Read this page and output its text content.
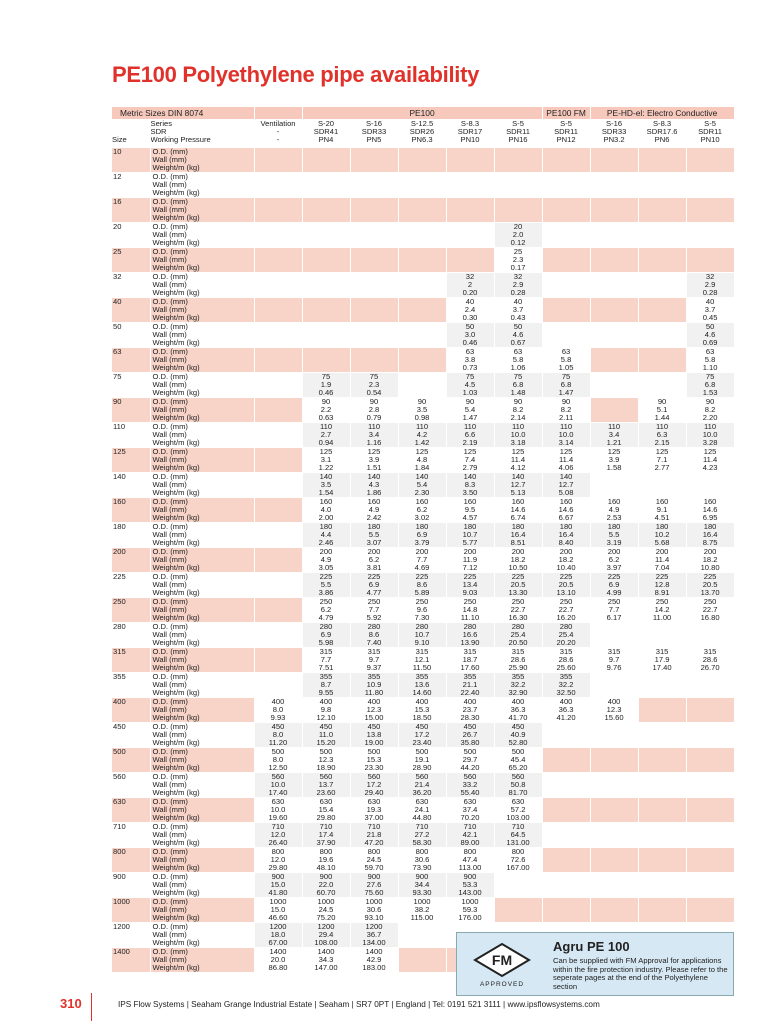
PE100 Polyethylene pipe availability
Metric Sizes DIN 8074			PE100					PE100 FM	PE-HD-el: Electro Conductive		

Size	Series
SDR
Working Pressure	Ventilation
-
-	S-20
SDR41
PN4	S-16
SDR33
PN5	S-12.5
SDR26
PN6.3	S-8.3
SDR17
PN10	S-5
SDR11
PN16	S-5
SDR11
PN12	S-16
SDR33
PN3.2	S-8.3
SDR17.6
PN6	S-5
SDR11
PN10

10	O.D. (mm)
Wall (mm)
Weight/m (kg)										

12	O.D. (mm)
Wall (mm)
Weight/m (kg)										

16	O.D. (mm)
Wall (mm)
Weight/m (kg)										

20	O.D. (mm)
Wall (mm)
Weight/m (kg)						20
2.0
0.12				
25	O.D. (mm)
Wall (mm)
Weight/m (kg)						25
2.3
0.17				
32	O.D. (mm)
Wall (mm)
Weight/m (kg)					32
2
0.20	32
2.9
0.28				32
2.9
0.28
40	O.D. (mm)
Wall (mm)
Weight/m (kg)					40
2.4
0.30	40
3.7
0.43				40
3.7
0.45
50	O.D. (mm)
Wall (mm)
Weight/m (kg)					50
3.0
0.46	50
4.6
0.67				50
4.6
0.69
63	O.D. (mm)
Wall (mm)
Weight/m (kg)					63
3.8
0.73	63
5.8
1.06	63
5.8
1.05			63
5.8
1.10
75	O.D. (mm)
Wall (mm)
Weight/m (kg)		75
1.9
0.46	75
2.3
0.54		75
4.5
1.03	75
6.8
1.48	75
6.8
1.47			75
6.8
1.53
90	O.D. (mm)
Wall (mm)
Weight/m (kg)		90
2.2
0.63	90
2.8
0.79	90
3.5
0.98	90
5.4
1.47	90
8.2
2.14	90
8.2
2.11		90
5.1
1.44	90
8.2
2.20
110	O.D. (mm)
Wall (mm)
Weight/m (kg)		110
2.7
0.94	110
3.4
1.16	110
4.2
1.42	110
6.6
2.19	110
10.0
3.18	110
10.0
3.14	110
3.4
1.21	110
6.3
2.15	110
10.0
3.28
125	O.D. (mm)
Wall (mm)
Weight/m (kg)		125
3.1
1.22	125
3.9
1.51	125
4.8
1.84	125
7.4
2.79	125
11.4
4.12	125
11.4
4.06	125
3.9
1.58	125
7.1
2.77	125
11.4
4.23
140	O.D. (mm)
Wall (mm)
Weight/m (kg)		140
3.5
1.54	140
4.3
1.86	140
5.4
2.30	140
8.3
3.50	140
12.7
5.13	140
12.7
5.08			
160	O.D. (mm)
Wall (mm)
Weight/m (kg)		160
4.0
2.00	160
4.9
2.42	160
6.2
3.02	160
9.5
4.57	160
14.6
6.74	160
14.6
6.67	160
4.9
2.53	160
9.1
4.51	160
14.6
6.95
180	O.D. (mm)
Wall (mm)
Weight/m (kg)		180
4.4
2.46	180
5.5
3.07	180
6.9
3.79	180
10.7
5.77	180
16.4
8.51	180
16.4
8.40	180
5.5
3.19	180
10.2
5.68	180
16.4
8.75
200	O.D. (mm)
Wall (mm)
Weight/m (kg)		200
4.9
3.05	200
6.2
3.81	200
7.7
4.69	200
11.9
7.12	200
18.2
10.50	200
18.2
10.40	200
6.2
3.97	200
11.4
7.04	200
18.2
10.80
225	O.D. (mm)
Wall (mm)
Weight/m (kg)		225
5.5
3.86	225
6.9
4.77	225
8.6
5.89	225
13.4
9.03	225
20.5
13.30	225
20.5
13.10	225
6.9
4.99	225
12.8
8.91	225
20.5
13.70
250	O.D. (mm)
Wall (mm)
Weight/m (kg)		250
6.2
4.79	250
7.7
5.92	250
9.6
7.30	250
14.8
11.10	250
22.7
16.30	250
22.7
16.20	250
7.7
6.17	250
14.2
11.00	250
22.7
16.80
280	O.D. (mm)
Wall (mm)
Weight/m (kg)		280
6.9
5.98	280
8.6
7.40	280
10.7
9.10	280
16.6
13.90	280
25.4
20.50	280
25.4
20.20			
315	O.D. (mm)
Wall (mm)
Weight/m (kg)		315
7.7
7.51	315
9.7
9.37	315
12.1
11.50	315
18.7
17.60	315
28.6
25.90	315
28.6
25.60	315
9.7
9.76	315
17.9
17.40	315
28.6
26.70
355	O.D. (mm)
Wall (mm)
Weight/m (kg)		355
8.7
9.55	355
10.9
11.80	355
13.6
14.60	355
21.1
22.40	355
32.2
32.90	355
32.2
32.50			
400	O.D. (mm)
Wall (mm)
Weight/m (kg)	400
8.0
9.93	400
9.8
12.10	400
12.3
15.00	400
15.3
18.50	400
23.7
28.30	400
36.3
41.70	400
36.3
41.20	400
12.3
15.60		
450	O.D. (mm)
Wall (mm)
Weight/m (kg)	450
8.0
11.20	450
11.0
15.20	450
13.8
19.00	450
17.2
23.40	450
26.7
35.80	450
40.9
52.80				
500	O.D. (mm)
Wall (mm)
Weight/m (kg)	500
8.0
12.50	500
12.3
18.90	500
15.3
23.30	500
19.1
28.90	500
29.7
44.20	500
45.4
65.20				
560	O.D. (mm)
Wall (mm)
Weight/m (kg)	560
10.0
17.40	560
13.7
23.60	560
17.2
29.40	560
21.4
36.20	560
33.2
55.40	560
50.8
81.70				
630	O.D. (mm)
Wall (mm)
Weight/m (kg)	630
10.0
19.60	630
15.4
29.80	630
19.3
37.00	630
24.1
44.80	630
37.4
70.20	630
57.2
103.00				
710	O.D. (mm)
Wall (mm)
Weight/m (kg)	710
12.0
26.40	710
17.4
37.90	710
21.8
47.20	710
27.2
58.30	710
42.1
89.00	710
64.5
131.00				
800	O.D. (mm)
Wall (mm)
Weight/m (kg)	800
12.0
29.80	800
19.6
48.10	800
24.5
59.70	800
30.6
73.90	800
47.4
113.00	800
72.6
167.00				
900	O.D. (mm)
Wall (mm)
Weight/m (kg)	900
15.0
41.80	900
22.0
60.70	900
27.6
75.60	900
34.4
93.30	900
53.3
143.00					
1000	O.D. (mm)
Wall (mm)
Weight/m (kg)	1000
15.0
46.60	1000
24.5
75.20	1000
30.6
93.10	1000
38.2
115.00	1000
59.3
176.00					
1200	O.D. (mm)
Wall (mm)
Weight/m (kg)	1200
18.0
67.00	1200
29.4
108.00	1200
36.7
134.00							
1400	O.D. (mm)
Wall (mm)
Weight/m (kg)	1400
20.0
86.80	1400
34.3
147.00	1400
42.9
183.00								FM
APPROVED
Agru PE 100
Can be supplied with FM Approval for applications within the fire protection industry. Please refer to the seperate pages at the end of the Polyethylene section
310	IPS Flow Systems | Seaham Grange Industrial Estate | Seaham | SR7 0PT | England | Tel: 0191 521 3111 | www.ipsflowsystems.com
